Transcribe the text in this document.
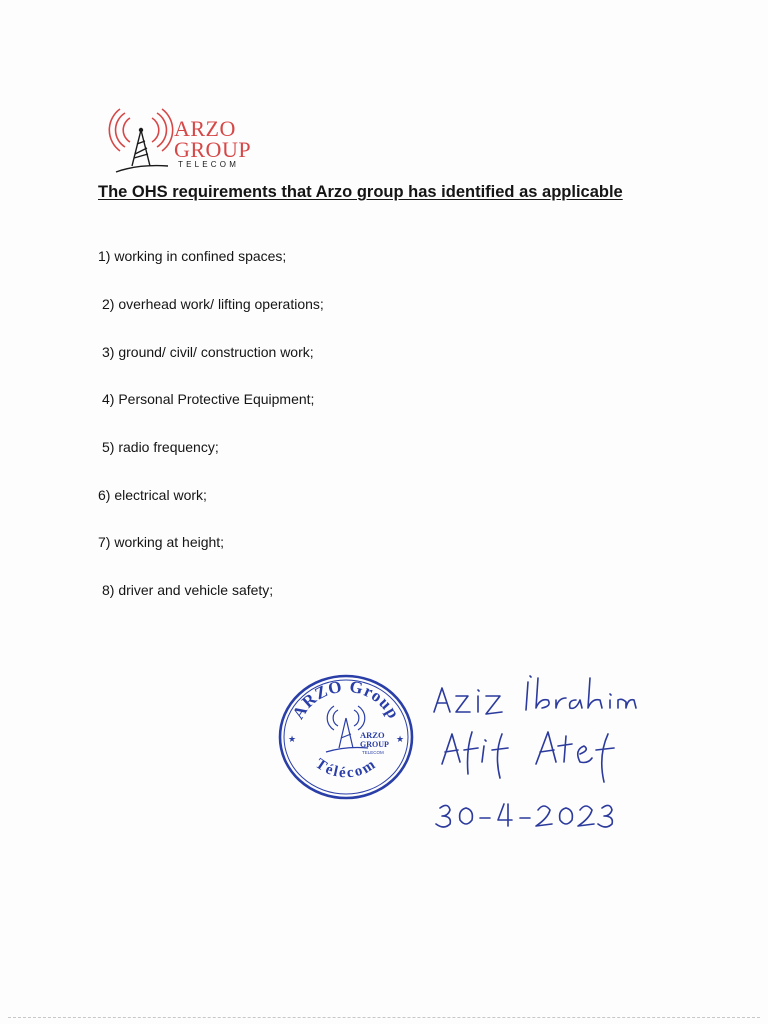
ARZO
GROUP
TELECOM
The OHS requirements that Arzo group has identified as applicable
1) working in confined spaces;
2) overhead work/ lifting operations;
3) ground/ civil/ construction work;
4) Personal Protective Equipment;
5) radio frequency;
6) electrical work;
7) working at height;
8) driver and vehicle safety;
ARZO Group
Télécom
★	★
ARZO
GROUP
TELECOM
